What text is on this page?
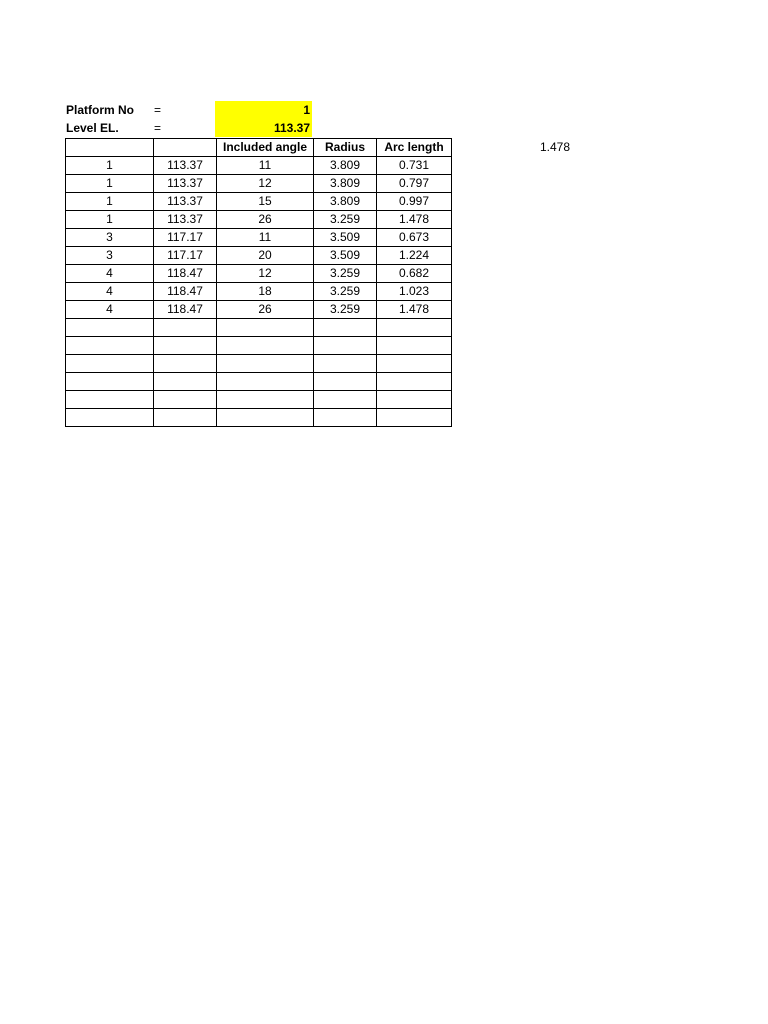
Platform No =	1
Level EL.	=	113.37
		Included angle	Radius	Arc length
1	113.37	11	3.809	0.731
1	113.37	12	3.809	0.797
1	113.37	15	3.809	0.997
1	113.37	26	3.259	1.478
3	117.17	11	3.509	0.673
3	117.17	20	3.509	1.224
4	118.47	12	3.259	0.682
4	118.47	18	3.259	1.023
4	118.47	26	3.259	1.478

1.478
